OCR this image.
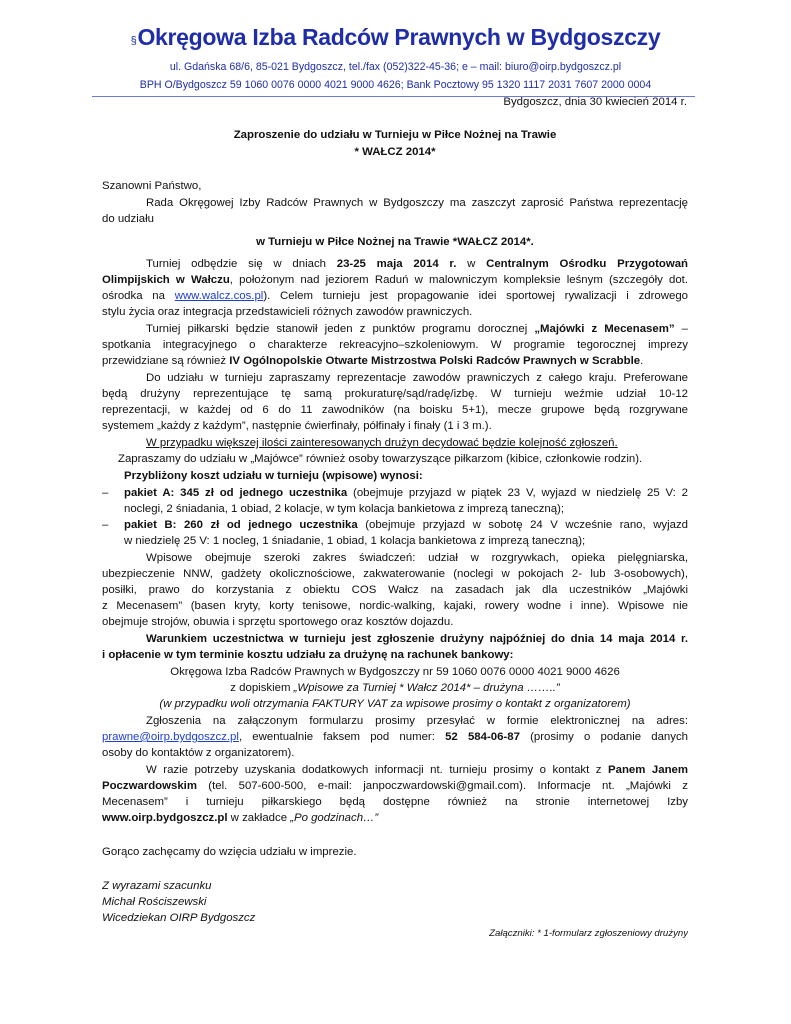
§Okręgowa Izba Radców Prawnych w Bydgoszczy
ul. Gdańska 68/6, 85-021 Bydgoszcz, tel./fax (052)322-45-36; e – mail: biuro@oirp.bydgoszcz.pl
BPH O/Bydgoszcz 59 1060 0076 0000 4021 9000 4626; Bank Pocztowy 95 1320 1117 2031 7607 2000 0004
Bydgoszcz, dnia 30 kwiecień 2014 r.
Zaproszenie do udziału w Turnieju w Piłce Nożnej na Trawie
* WAŁCZ 2014*
Szanowni Państwo,
Rada Okręgowej Izby Radców Prawnych w Bydgoszczy ma zaszczyt zaprosić Państwa reprezentację
do udziału
w Turnieju w Piłce Nożnej na Trawie *WAŁCZ 2014*.
Turniej odbędzie się w dniach 23-25 maja 2014 r. w Centralnym Ośrodku Przygotowań
Olimpijskich w Wałczu, położonym nad jeziorem Raduń w malowniczym kompleksie leśnym (szczegóły dot.
ośrodka na www.walcz.cos.pl). Celem turnieju jest propagowanie idei sportowej rywalizacji i zdrowego
stylu życia oraz integracja przedstawicieli różnych zawodów prawniczych.
Turniej piłkarski będzie stanowił jeden z punktów programu dorocznej „Majówki z Mecenasem” –
spotkania integracyjnego o charakterze rekreacyjno–szkoleniowym. W programie tegorocznej imprezy
przewidziane są również IV Ogólnopolskie Otwarte Mistrzostwa Polski Radców Prawnych w Scrabble.
Do udziału w turnieju zapraszamy reprezentacje zawodów prawniczych z całego kraju. Preferowane
będą drużyny reprezentujące tę samą prokuraturę/sąd/radę/izbę. W turnieju weźmie udział 10-12
reprezentacji, w każdej od 6 do 11 zawodników (na boisku 5+1), mecze grupowe będą rozgrywane
systemem „każdy z każdym”, następnie ćwierfinały, półfinały i finały (1 i 3 m.).
W przypadku większej ilości zainteresowanych drużyn decydować będzie kolejność zgłoszeń.
Zapraszamy do udziału w „Majówce” również osoby towarzyszące piłkarzom (kibice, członkowie rodzin).
Przybliżony koszt udziału w turnieju (wpisowe) wynosi:
– pakiet A: 345 zł od jednego uczestnika (obejmuje przyjazd w piątek 23 V, wyjazd w niedzielę 25 V: 2
noclegi, 2 śniadania, 1 obiad, 2 kolacje, w tym kolacja bankietowa z imprezą taneczną);
– pakiet B: 260 zł od jednego uczestnika (obejmuje przyjazd w sobotę 24 V wcześnie rano, wyjazd
w niedzielę 25 V: 1 nocleg, 1 śniadanie, 1 obiad, 1 kolacja bankietowa z imprezą taneczną);
Wpisowe obejmuje szeroki zakres świadczeń: udział w rozgrywkach, opieka pielęgniarska,
ubezpieczenie NNW, gadżety okolicznościowe, zakwaterowanie (noclegi w pokojach 2- lub 3-osobowych),
posiłki, prawo do korzystania z obiektu COS Wałcz na zasadach jak dla uczestników „Majówki
z Mecenasem” (basen kryty, korty tenisowe, nordic-walking, kajaki, rowery wodne i inne). Wpisowe nie
obejmuje strojów, obuwia i sprzętu sportowego oraz kosztów dojazdu.
Warunkiem uczestnictwa w turnieju jest zgłoszenie drużyny najpóźniej do dnia 14 maja 2014 r.
i opłacenie w tym terminie kosztu udziału za drużynę na rachunek bankowy:
Okręgowa Izba Radców Prawnych w Bydgoszczy nr 59 1060 0076 0000 4021 9000 4626
z dopiskiem „Wpisowe za Turniej * Wałcz 2014* – drużyna ……..”
(w przypadku woli otrzymania FAKTURY VAT za wpisowe prosimy o kontakt z organizatorem)
Zgłoszenia na załączonym formularzu prosimy przesyłać w formie elektronicznej na adres:
prawne@oirp.bydgoszcz.pl, ewentualnie faksem pod numer: 52 584-06-87 (prosimy o podanie danych
osoby do kontaktów z organizatorem).
W razie potrzeby uzyskania dodatkowych informacji nt. turnieju prosimy o kontakt z Panem Janem
Poczwardowskim (tel. 507-600-500, e-mail: janpoczwardowski@gmail.com). Informacje nt. „Majówki z
Mecenasem” i turnieju piłkarskiego będą dostępne również na stronie internetowej Izby
www.oirp.bydgoszcz.pl w zakładce „Po godzinach…”
Gorąco zachęcamy do wzięcia udziału w imprezie.
Z wyrazami szacunku
Michał Rościszewski
Wicedziekan OIRP Bydgoszcz
Załączniki: * 1-formularz zgłoszeniowy drużyny
